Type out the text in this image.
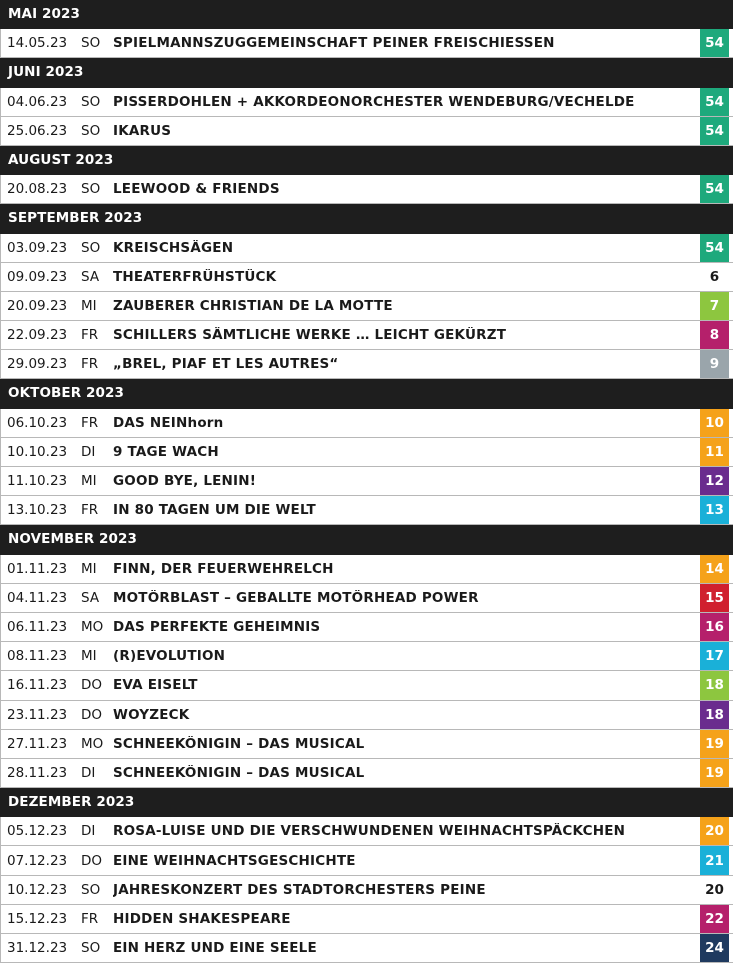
MAI 2023
14.05.23	SO SPIELMANNSZUGGEMEINSCHAFT PEINER FREISCHIESSEN	54
JUNI 2023
04.06.23	SO PISSERDOHLEN + AKKORDEONORCHESTER WENDEBURG/VECHELDE	54
25.06.23	SO IKARUS	54
AUGUST 2023
20.08.23	SO LEEWOOD & FRIENDS	54
SEPTEMBER 2023
03.09.23	SO KREISCHSÄGEN	54
09.09.23	SA	THEATERFRÜHSTÜCK	6
20.09.23	MI	ZAUBERER CHRISTIAN DE LA MOTTE	7
22.09.23	FR	SCHILLERS SÄMTLICHE WERKE … LEICHT GEKÜRZT	8
29.09.23	FR	„BREL, PIAF ET LES AUTRES“	9
OKTOBER 2023
06.10.23	FR	DAS NEINhorn	10
10.10.23	DI	9 TAGE WACH	11
11.10.23	MI	GOOD BYE, LENIN!	12
13.10.23	FR	IN 80 TAGEN UM DIE WELT	13
NOVEMBER 2023
01.11.23	MI	FINN, DER FEUERWEHRELCH	14
04.11.23	SA	MOTÖRBLAST – GEBALLTE MOTÖRHEAD POWER	15
06.11.23	MO DAS PERFEKTE GEHEIMNIS	16
08.11.23	MI	(R)EVOLUTION	17
16.11.23	DO EVA EISELT	18
23.11.23	DO WOYZECK	18
27.11.23	MO SCHNEEKÖNIGIN – DAS MUSICAL	19
28.11.23	DI	SCHNEEKÖNIGIN – DAS MUSICAL	19
DEZEMBER 2023
05.12.23	DI	ROSA-LUISE UND DIE VERSCHWUNDENEN WEIHNACHTSPÄCKCHEN	20
07.12.23	DO EINE WEIHNACHTSGESCHICHTE	21
10.12.23	SO JAHRESKONZERT DES STADTORCHESTERS PEINE	20
15.12.23	FR	HIDDEN SHAKESPEARE	22
31.12.23	SO EIN HERZ UND EINE SEELE	24
